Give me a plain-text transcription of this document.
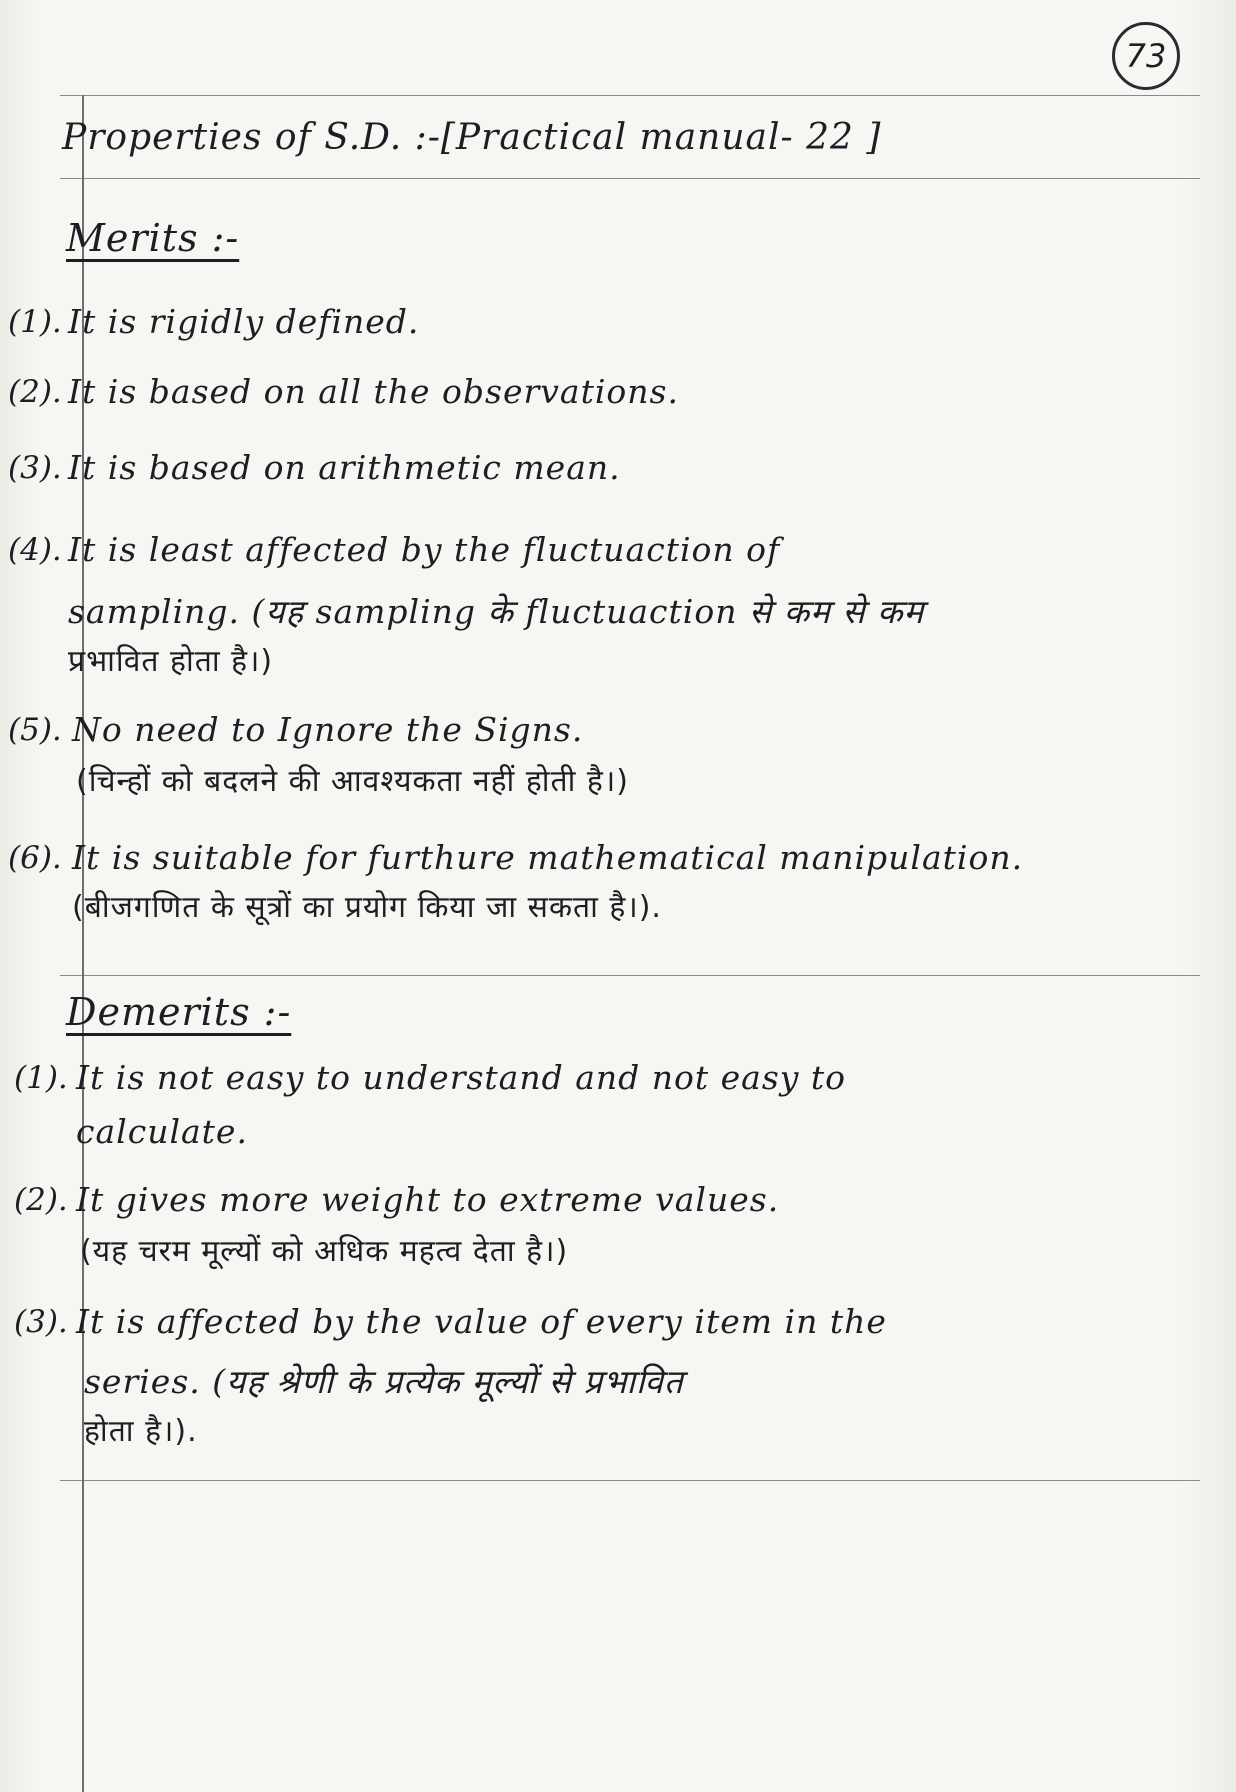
73
Properties of S.D. :-[Practical manual- 22 ]
Merits :-
(1). It is rigidly defined.
(2). It is based on all the observations.
(3). It is based on arithmetic mean.
(4). It is least affected by the fluctuaction of
sampling. (यह sampling के fluctuaction से कम से कम
प्रभावित होता है।)
(5). No need to Ignore the Signs.
(चिन्हों को बदलने की आवश्यकता नहीं होती है।)
(6). It is suitable for furthure mathematical manipulation.
(बीजगणित के सूत्रों का प्रयोग किया जा सकता है।).
Demerits :-
(1). It is not easy to understand and not easy to
calculate.
(2). It gives more weight to extreme values.
(यह चरम मूल्यों को अधिक महत्व देता है।)
(3). It is affected by the value of every item in the
series. (यह श्रेणी के प्रत्येक मूल्यों से प्रभावित
होता है।).
